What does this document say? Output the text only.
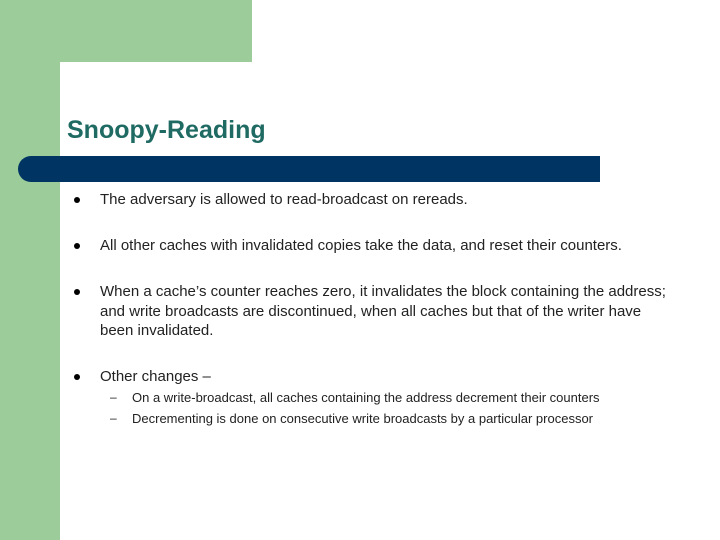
Snoopy-Reading
The adversary is allowed to read-broadcast on rereads.
All other caches with invalidated copies take the data, and reset their counters.
When a cache’s counter reaches zero, it invalidates the block containing the address; and write broadcasts are discontinued, when all caches but that of the writer have been invalidated.
Other changes –
– On a write-broadcast, all caches containing the address decrement their counters
– Decrementing is done on consecutive write broadcasts by a particular processor
